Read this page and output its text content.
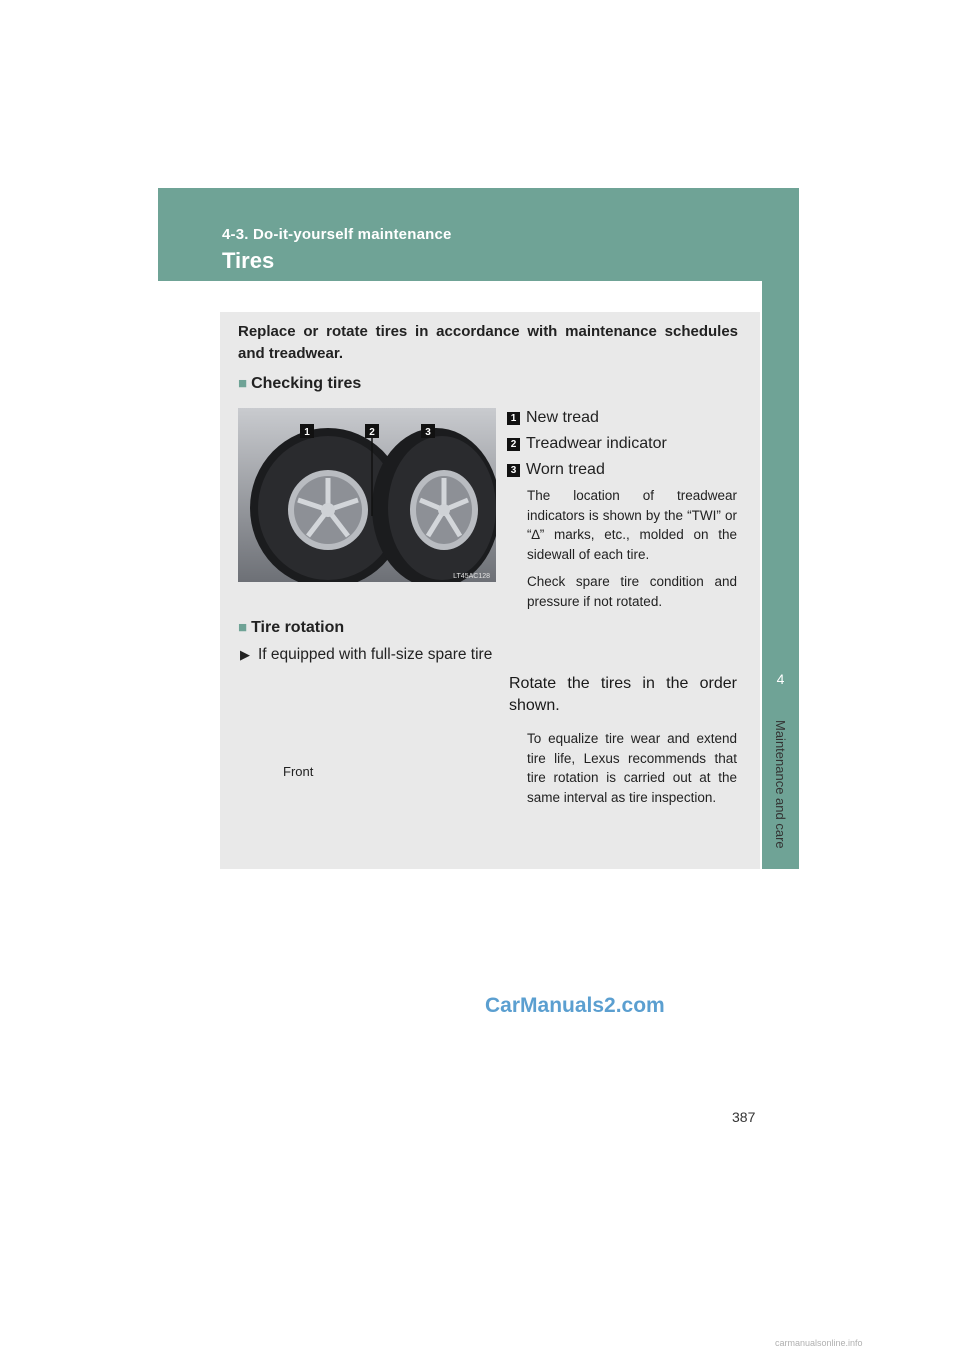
4-3. Do-it-yourself maintenance
Tires
4
Maintenance and care
Replace or rotate tires in accordance with maintenance schedules and treadwear.
■ Checking tires
1	2	3
LT45AC128
1 New tread
2 Treadwear indicator
3 Worn tread
The location of treadwear indicators is shown by the “TWI” or “∆” marks, etc., molded on the sidewall of each tire.
Check spare tire condition and pressure if not rotated.
■ Tire rotation
▶ If equipped with full-size spare tire
Rotate the tires in the order shown.
To equalize tire wear and extend tire life, Lexus recommends that tire rotation is carried out at the same interval as tire inspection.
Front
387
CarManuals2.com
carmanualsonline.info
